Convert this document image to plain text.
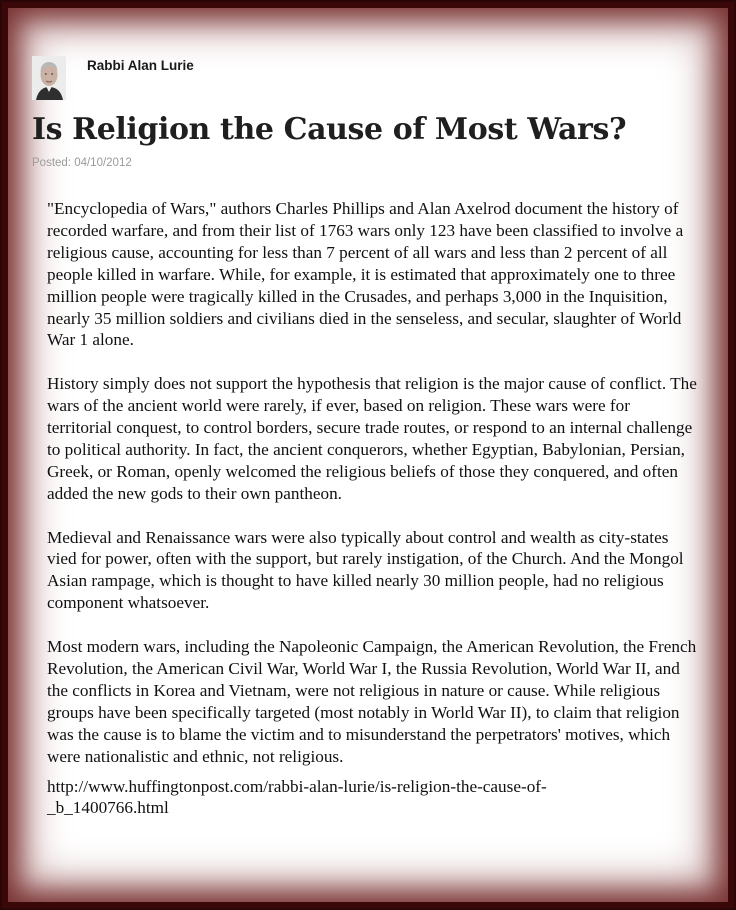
Rabbi Alan Lurie
Is Religion the Cause of Most Wars?
Posted: 04/10/2012

"Encyclopedia of Wars," authors Charles Phillips and Alan Axelrod document the history of recorded warfare, and from their list of 1763 wars only 123 have been classified to involve a religious cause, accounting for less than 7 percent of all wars and less than 2 percent of all people killed in warfare. While, for example, it is estimated that approximately one to three million people were tragically killed in the Crusades, and perhaps 3,000 in the Inquisition, nearly 35 million soldiers and civilians died in the senseless, and secular, slaughter of World War 1 alone.

History simply does not support the hypothesis that religion is the major cause of conflict. The wars of the ancient world were rarely, if ever, based on religion. These wars were for territorial conquest, to control borders, secure trade routes, or respond to an internal challenge to political authority. In fact, the ancient conquerors, whether Egyptian, Babylonian, Persian, Greek, or Roman, openly welcomed the religious beliefs of those they conquered, and often added the new gods to their own pantheon.

Medieval and Renaissance wars were also typically about control and wealth as city-states vied for power, often with the support, but rarely instigation, of the Church. And the Mongol Asian rampage, which is thought to have killed nearly 30 million people, had no religious component whatsoever.

Most modern wars, including the Napoleonic Campaign, the American Revolution, the French Revolution, the American Civil War, World War I, the Russia Revolution, World War II, and the conflicts in Korea and Vietnam, were not religious in nature or cause. While religious groups have been specifically targeted (most notably in World War II), to claim that religion was the cause is to blame the victim and to misunderstand the perpetrators' motives, which were nationalistic and ethnic, not religious.

http://www.huffingtonpost.com/rabbi-alan-lurie/is-religion-the-cause-of-_b_1400766.html
